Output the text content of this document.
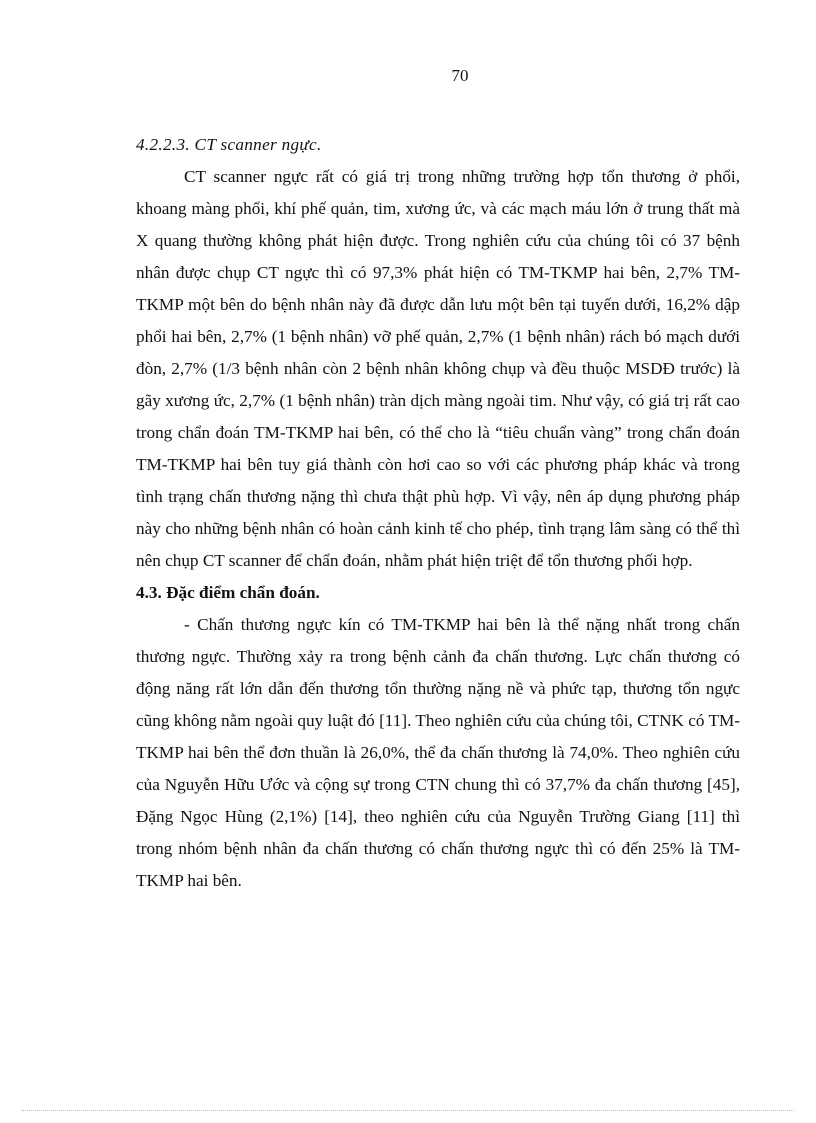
70

4.2.2.3. CT scanner ngực.

CT scanner ngực rất có giá trị trong những trường hợp tổn thương ở phổi, khoang màng phổi, khí phế quản, tim, xương ức, và các mạch máu lớn ở trung thất mà X quang thường không phát hiện được. Trong nghiên cứu của chúng tôi có 37 bệnh nhân được chụp CT ngực thì có 97,3% phát hiện có TM-TKMP hai bên, 2,7% TM-TKMP một bên do bệnh nhân này đã được dẫn lưu một bên tại tuyến dưới, 16,2% dập phổi hai bên, 2,7% (1 bệnh nhân) vỡ phế quản, 2,7% (1 bệnh nhân) rách bó mạch dưới đòn, 2,7% (1/3 bệnh nhân còn 2 bệnh nhân không chụp và đều thuộc MSDĐ trước) là gãy xương ức, 2,7% (1 bệnh nhân) tràn dịch màng ngoài tim. Như vậy, có giá trị rất cao trong chẩn đoán TM-TKMP hai bên, có thể cho là “tiêu chuẩn vàng” trong chẩn đoán TM-TKMP hai bên tuy giá thành còn hơi cao so với các phương pháp khác và trong tình trạng chấn thương nặng thì chưa thật phù hợp. Vì vậy, nên áp dụng phương pháp này cho những bệnh nhân có hoàn cảnh kinh tế cho phép, tình trạng lâm sàng có thể thì nên chụp CT scanner để chẩn đoán, nhằm phát hiện triệt để tổn thương phối hợp.

4.3. Đặc điểm chẩn đoán.

- Chấn thương ngực kín có TM-TKMP hai bên là thể nặng nhất trong chấn thương ngực. Thường xảy ra trong bệnh cảnh đa chấn thương. Lực chấn thương có động năng rất lớn dẫn đến thương tổn thường nặng nề và phức tạp, thương tổn ngực cũng không nằm ngoài quy luật đó [11]. Theo nghiên cứu của chúng tôi, CTNK có TM-TKMP hai bên thể đơn thuần là 26,0%, thể đa chấn thương là 74,0%. Theo nghiên cứu của Nguyễn Hữu Ước và cộng sự trong CTN chung thì có 37,7% đa chấn thương [45], Đặng Ngọc Hùng (2,1%) [14], theo nghiên cứu của Nguyễn Trường Giang [11] thì trong nhóm bệnh nhân đa chấn thương có chấn thương ngực thì có đến 25% là TM-TKMP hai bên.
